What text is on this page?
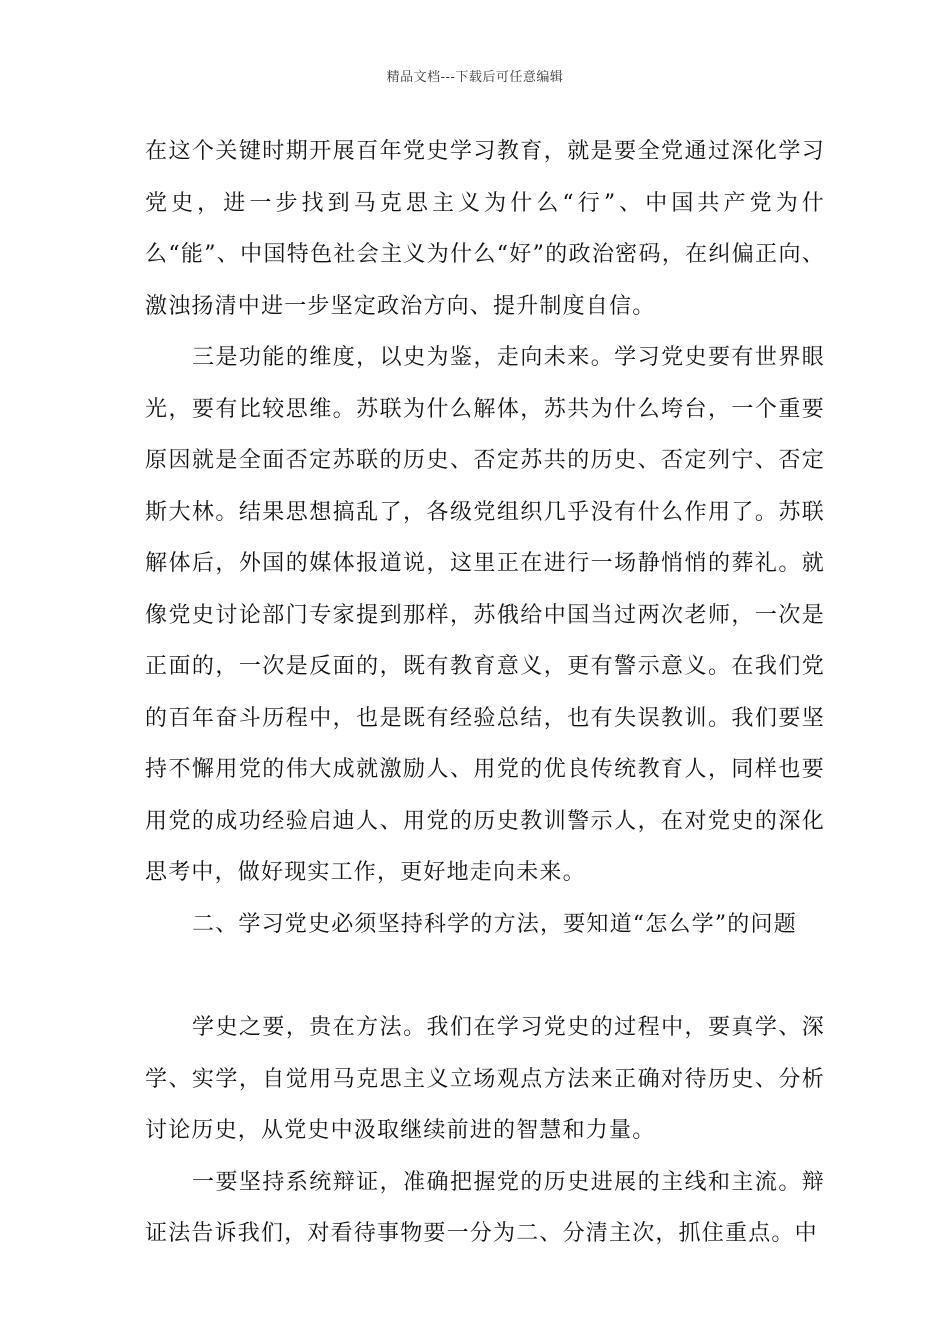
精品文档---下载后可任意编辑

在这个关键时期开展百年党史学习教育，就是要全党通过深化学习党史，进一步找到马克思主义为什么“行”、中国共产党为什么“能”、中国特色社会主义为什么“好”的政治密码，在纠偏正向、激浊扬清中进一步坚定政治方向、提升制度自信。

三是功能的维度，以史为鉴，走向未来。学习党史要有世界眼光，要有比较思维。苏联为什么解体，苏共为什么垮台，一个重要原因就是全面否定苏联的历史、否定苏共的历史、否定列宁、否定斯大林。结果思想搞乱了，各级党组织几乎没有什么作用了。苏联解体后，外国的媒体报道说，这里正在进行一场静悄悄的葬礼。就像党史讨论部门专家提到那样，苏俄给中国当过两次老师，一次是正面的，一次是反面的，既有教育意义，更有警示意义。在我们党的百年奋斗历程中，也是既有经验总结，也有失误教训。我们要坚持不懈用党的伟大成就激励人、用党的优良传统教育人，同样也要用党的成功经验启迪人、用党的历史教训警示人，在对党史的深化思考中，做好现实工作，更好地走向未来。

二、学习党史必须坚持科学的方法，要知道“怎么学”的问题

学史之要，贵在方法。我们在学习党史的过程中，要真学、深学、实学，自觉用马克思主义立场观点方法来正确对待历史、分析讨论历史，从党史中汲取继续前进的智慧和力量。

一要坚持系统辩证，准确把握党的历史进展的主线和主流。辩证法告诉我们，对看待事物要一分为二、分清主次，抓住重点。中
